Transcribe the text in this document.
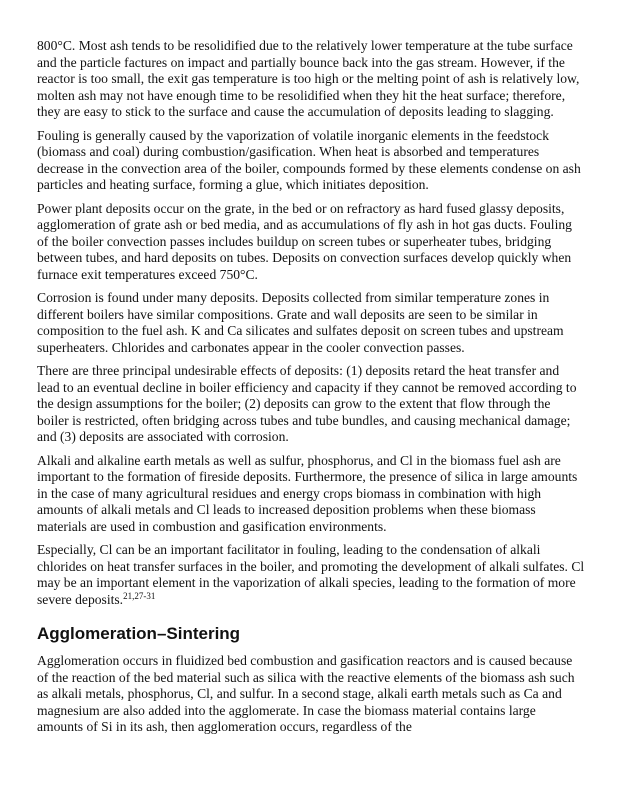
800°C. Most ash tends to be resolidified due to the relatively lower temperature at the tube surface and the particle factures on impact and partially bounce back into the gas stream. However, if the reactor is too small, the exit gas temperature is too high or the melting point of ash is relatively low, molten ash may not have enough time to be resolidified when they hit the heat surface; therefore, they are easy to stick to the surface and cause the accumulation of deposits leading to slagging.

Fouling is generally caused by the vaporization of volatile inorganic elements in the feedstock (biomass and coal) during combustion/gasification. When heat is absorbed and temperatures decrease in the convection area of the boiler, compounds formed by these elements condense on ash particles and heating surface, forming a glue, which initiates deposition.

Power plant deposits occur on the grate, in the bed or on refractory as hard fused glassy deposits, agglomeration of grate ash or bed media, and as accumulations of fly ash in hot gas ducts. Fouling of the boiler convection passes includes buildup on screen tubes or superheater tubes, bridging between tubes, and hard deposits on tubes. Deposits on convection surfaces develop quickly when furnace exit temperatures exceed 750°C.

Corrosion is found under many deposits. Deposits collected from similar temperature zones in different boilers have similar compositions. Grate and wall deposits are seen to be similar in composition to the fuel ash. K and Ca silicates and sulfates deposit on screen tubes and upstream superheaters. Chlorides and carbonates appear in the cooler convection passes.

There are three principal undesirable effects of deposits: (1) deposits retard the heat transfer and lead to an eventual decline in boiler efficiency and capacity if they cannot be removed according to the design assumptions for the boiler; (2) deposits can grow to the extent that flow through the boiler is restricted, often bridging across tubes and tube bundles, and causing mechanical damage; and (3) deposits are associated with corrosion.

Alkali and alkaline earth metals as well as sulfur, phosphorus, and Cl in the biomass fuel ash are important to the formation of fireside deposits. Furthermore, the presence of silica in large amounts in the case of many agricultural residues and energy crops biomass in combination with high amounts of alkali metals and Cl leads to increased deposition problems when these biomass materials are used in combustion and gasification environments.

Especially, Cl can be an important facilitator in fouling, leading to the condensation of alkali chlorides on heat transfer surfaces in the boiler, and promoting the development of alkali sulfates. Cl may be an important element in the vaporization of alkali species, leading to the formation of more severe deposits.$^{21,27-31}$

Agglomeration–Sintering

Agglomeration occurs in fluidized bed combustion and gasification reactors and is caused because of the reaction of the bed material such as silica with the reactive elements of the biomass ash such as alkali metals, phosphorus, Cl, and sulfur. In a second stage, alkali earth metals such as Ca and magnesium are also added into the agglomerate. In case the biomass material contains large amounts of Si in its ash, then agglomeration occurs, regardless of the
